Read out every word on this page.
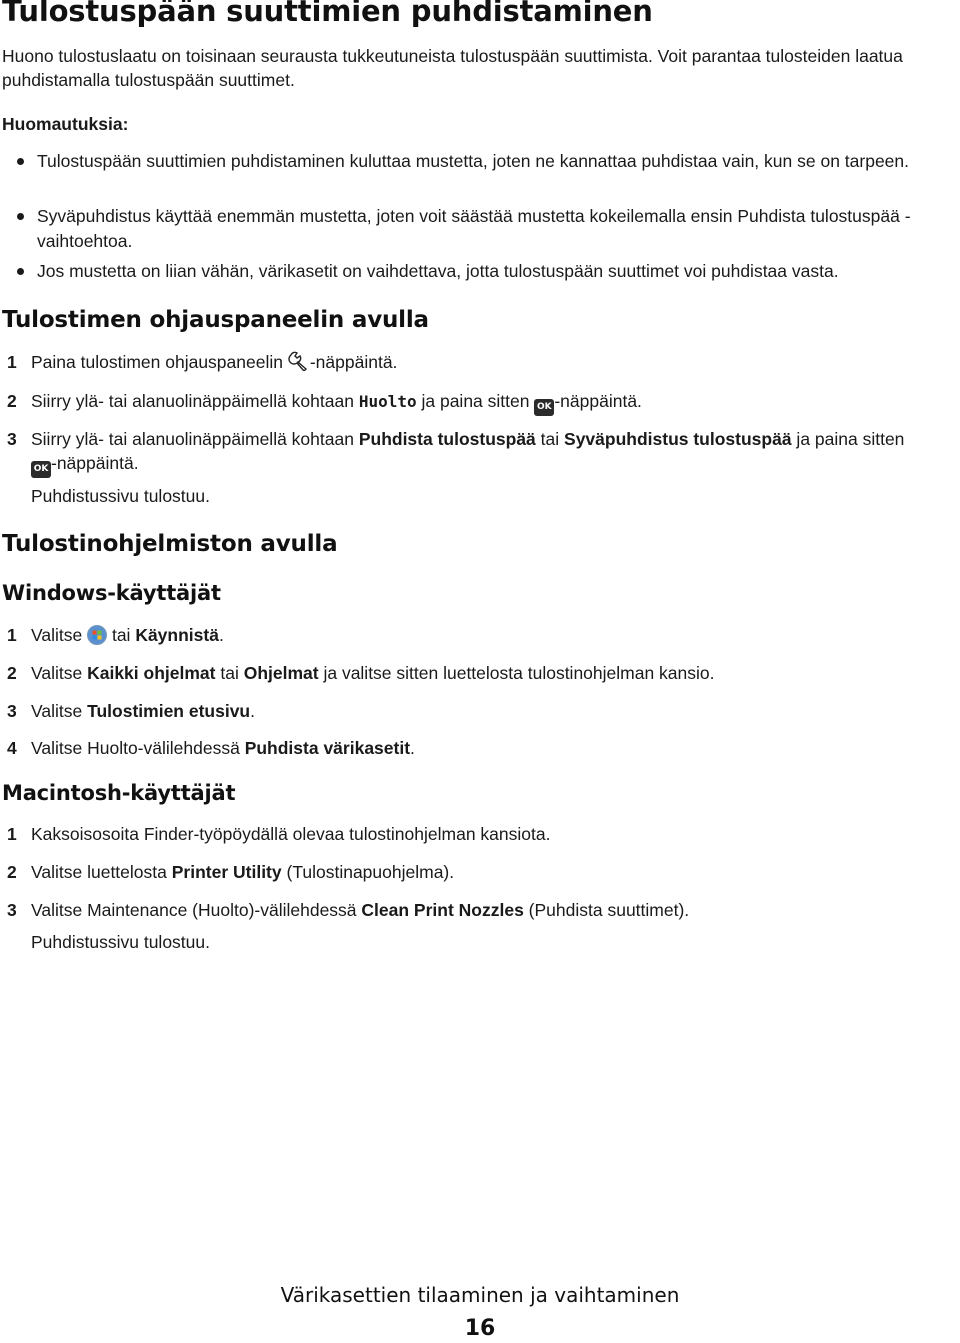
Tulostuspään suuttimien puhdistaminen
Huono tulostuslaatu on toisinaan seurausta tukkeutuneista tulostuspään suuttimista. Voit parantaa tulosteiden laatua puhdistamalla tulostuspään suuttimet.
Huomautuksia:
Tulostuspään suuttimien puhdistaminen kuluttaa mustetta, joten ne kannattaa puhdistaa vain, kun se on tarpeen.
Syväpuhdistus käyttää enemmän mustetta, joten voit säästää mustetta kokeilemalla ensin Puhdista tulostuspää -vaihtoehtoa.
Jos mustetta on liian vähän, värikasetit on vaihdettava, jotta tulostuspään suuttimet voi puhdistaa vasta.
Tulostimen ohjauspaneelin avulla
1 Paina tulostimen ohjauspaneelin -näppäintä.
2 Siirry ylä- tai alanuolinäppäimellä kohtaan Huolto ja paina sitten OK -näppäintä.
3 Siirry ylä- tai alanuolinäppäimellä kohtaan Puhdista tulostuspää tai Syväpuhdistus tulostuspää ja paina sitten
OK -näppäintä.
Puhdistussivu tulostuu.
Tulostinohjelmiston avulla
Windows-käyttäjät
1 Valitse  tai Käynnistä.
2 Valitse Kaikki ohjelmat tai Ohjelmat ja valitse sitten luettelosta tulostinohjelman kansio.
3 Valitse Tulostimien etusivu.
4 Valitse Huolto-välilehdessä Puhdista värikasetit.
Macintosh-käyttäjät
1 Kaksoisosoita Finder-työpöydällä olevaa tulostinohjelman kansiota.
2 Valitse luettelosta Printer Utility (Tulostinapuohjelma).
3 Valitse Maintenance (Huolto)-välilehdessä Clean Print Nozzles (Puhdista suuttimet).
Puhdistussivu tulostuu.
Värikasettien tilaaminen ja vaihtaminen
16
